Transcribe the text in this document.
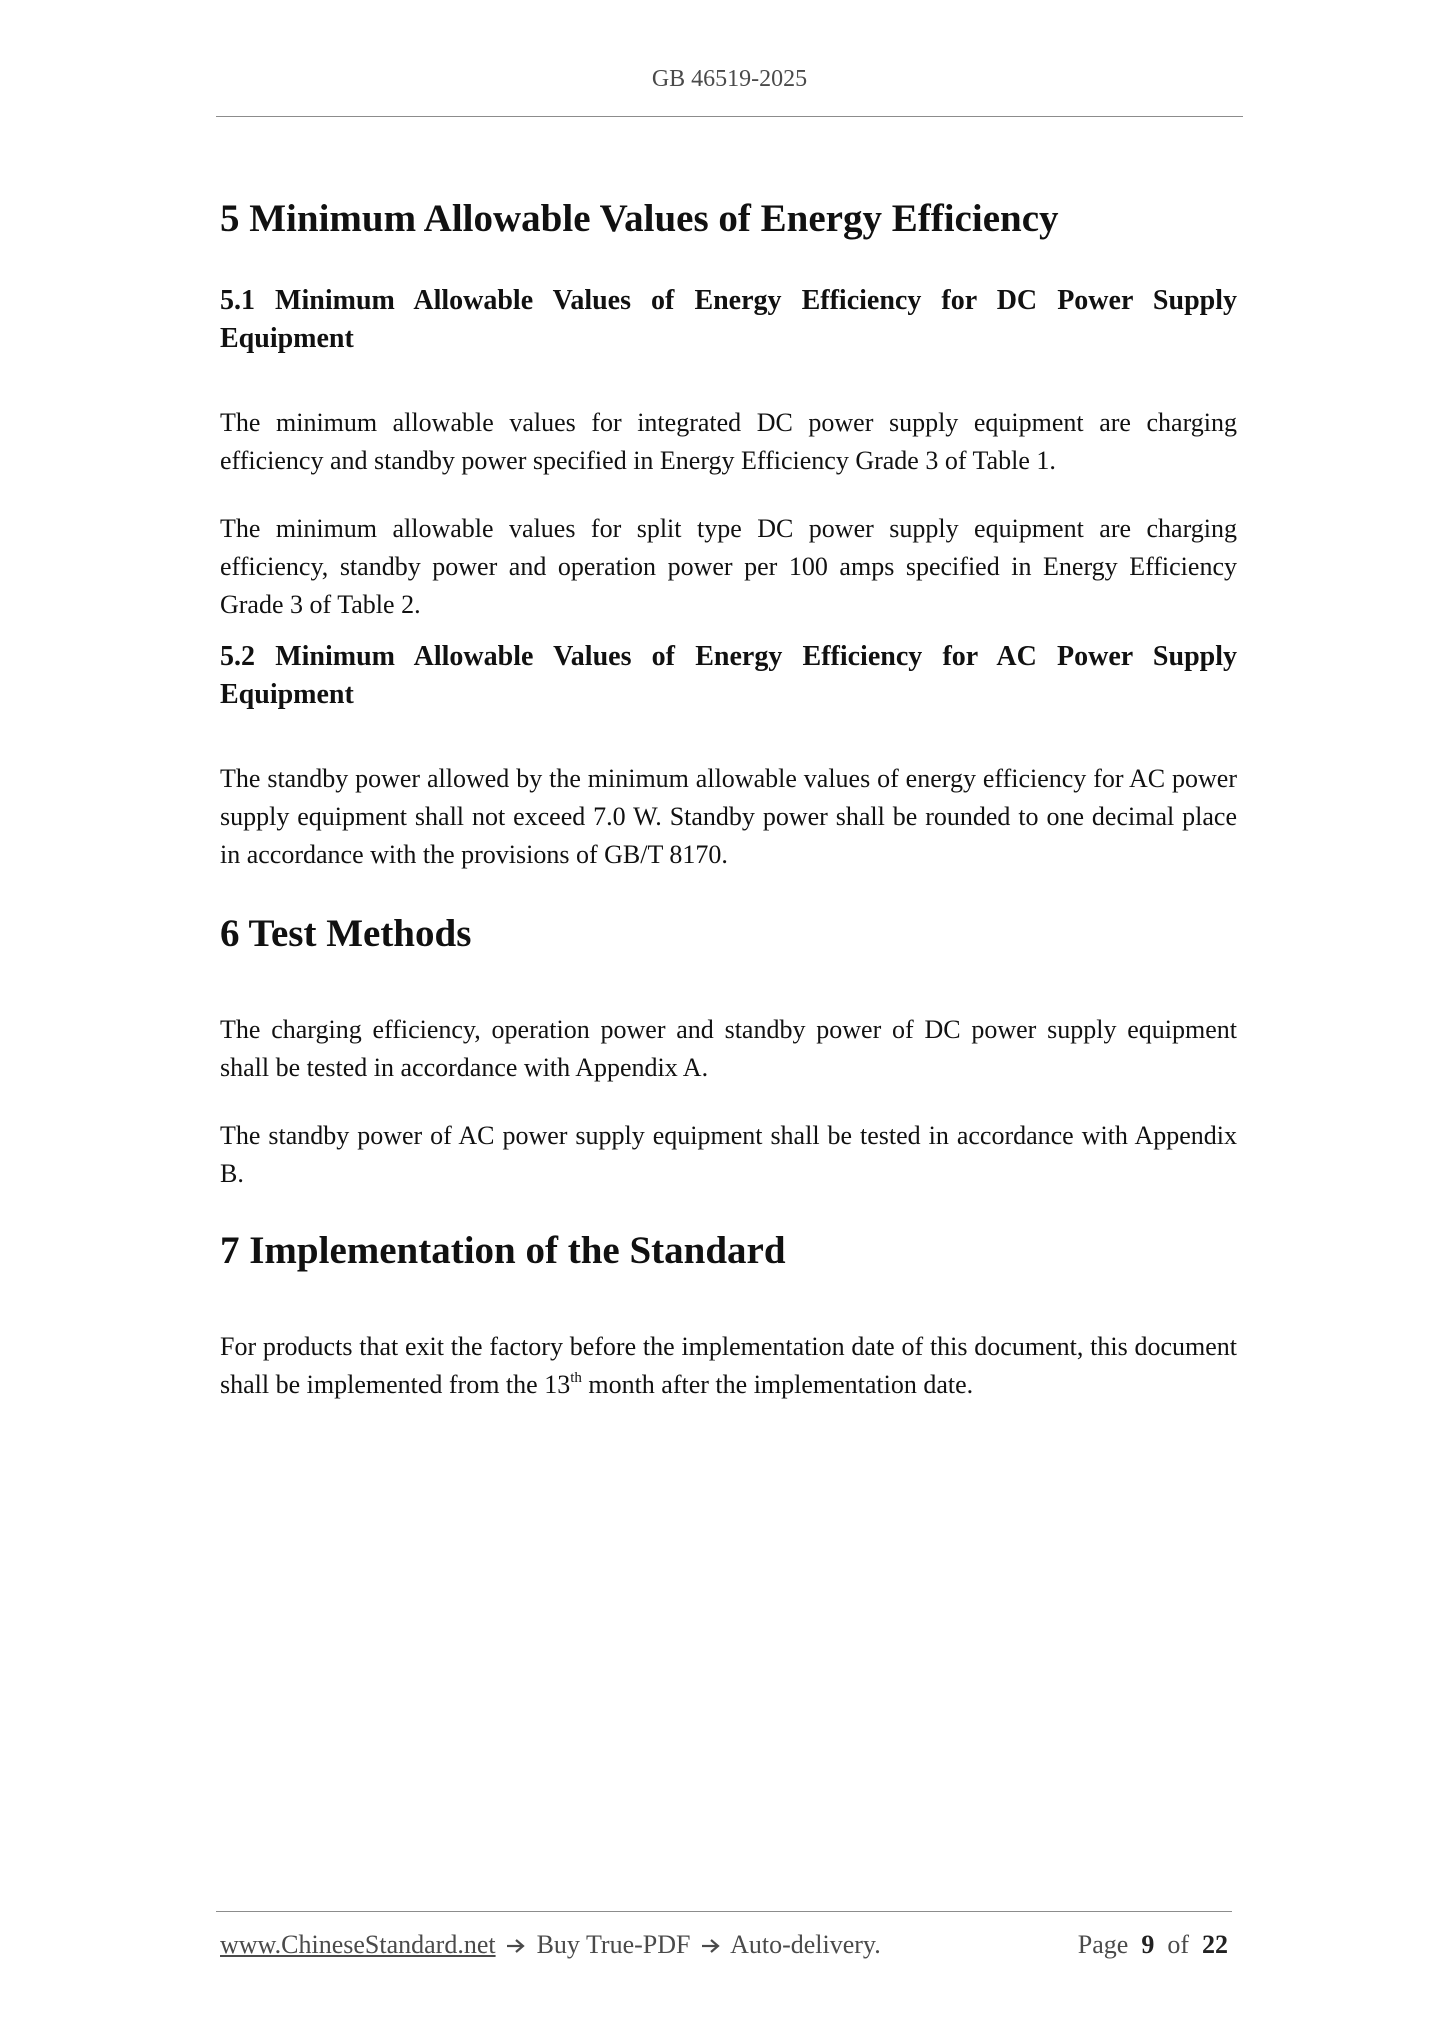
GB 46519-2025
5 Minimum Allowable Values of Energy Efficiency
5.1 Minimum Allowable Values of Energy Efficiency for DC Power Supply
Equipment

The minimum allowable values for integrated DC power supply equipment are charging efficiency and standby power specified in Energy Efficiency Grade 3 of Table 1.

The minimum allowable values for split type DC power supply equipment are charging efficiency, standby power and operation power per 100 amps specified in Energy Efficiency Grade 3 of Table 2.

5.2 Minimum Allowable Values of Energy Efficiency for AC Power Supply
Equipment

The standby power allowed by the minimum allowable values of energy efficiency for AC power supply equipment shall not exceed 7.0 W. Standby power shall be rounded to one decimal place in accordance with the provisions of GB/T 8170.

6 Test Methods

The charging efficiency, operation power and standby power of DC power supply equipment shall be tested in accordance with Appendix A.

The standby power of AC power supply equipment shall be tested in accordance with Appendix B.

7 Implementation of the Standard

For products that exit the factory before the implementation date of this document, this document shall be implemented from the 13th month after the implementation date.

www.ChineseStandard.net Buy True-PDF Auto-delivery.	Page 9 of 22
